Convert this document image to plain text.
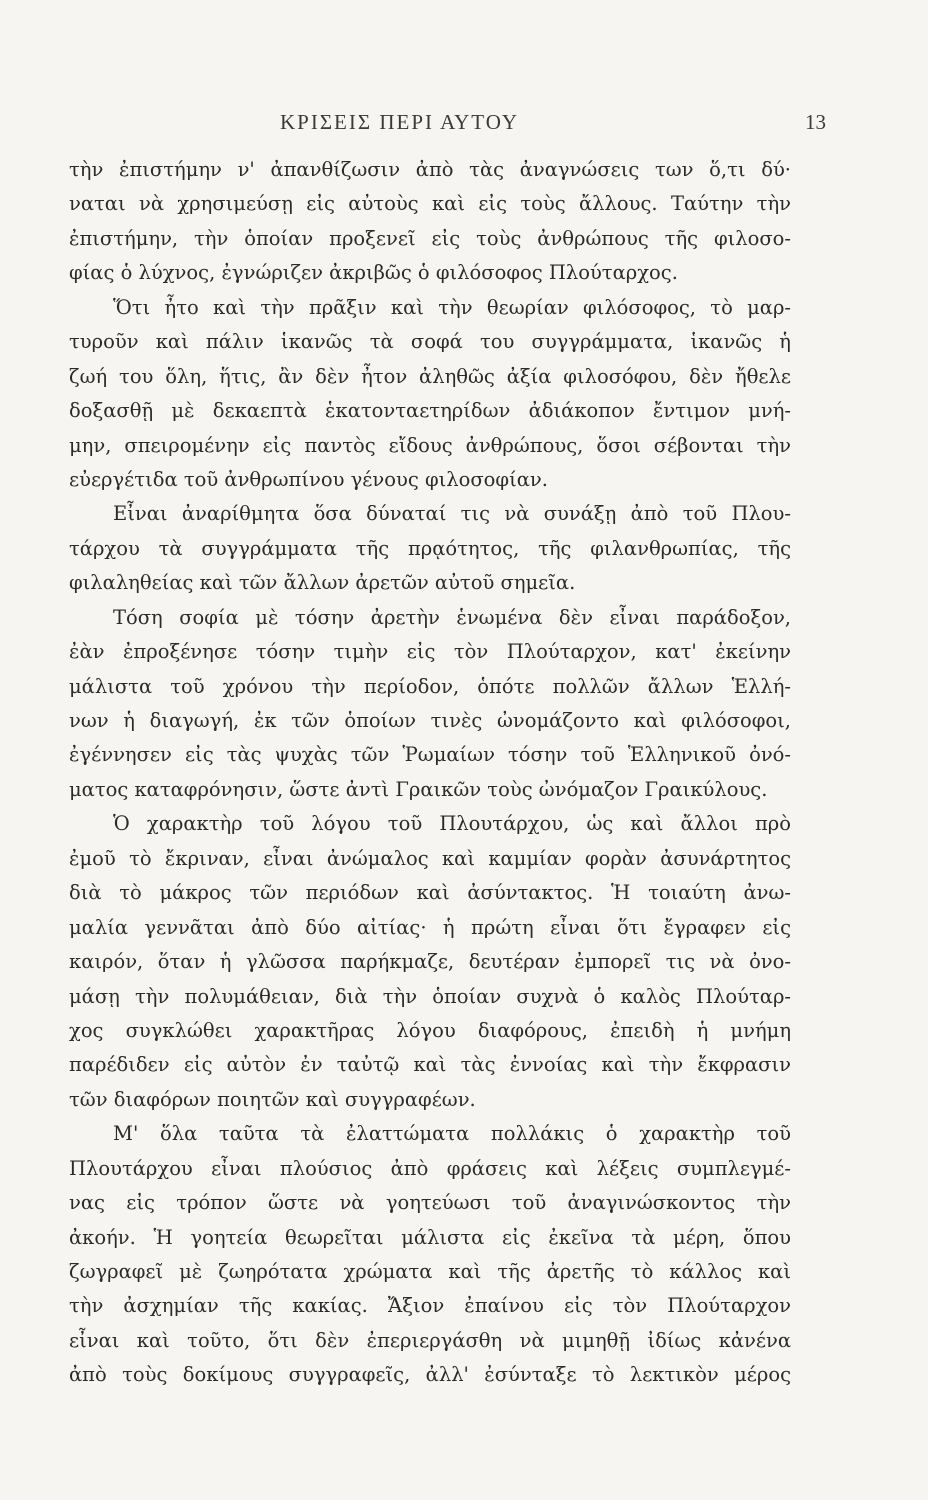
ΚΡΙΣΕΙΣ ΠΕΡΙ ΑΥΤΟΥ	13
τὴν ἐπιστήμην ν' ἀπανθίζωσιν ἀπὸ τὰς ἀναγνώσεις των ὅ,τι δύ·
ναται νὰ χρησιμεύσῃ εἰς αὐτοὺς καὶ εἰς τοὺς ἄλλους. Ταύτην τὴν
ἐπιστήμην, τὴν ὁποίαν προξενεῖ εἰς τοὺς ἀνθρώπους τῆς φιλοσο-
φίας ὁ λύχνος, ἐγνώριζεν ἀκριβῶς ὁ φιλόσοφος Πλούταρχος.
Ὅτι ἦτο καὶ τὴν πρᾶξιν καὶ τὴν θεωρίαν φιλόσοφος, τὸ μαρ-
τυροῦν καὶ πάλιν ἱκανῶς τὰ σοφά του συγγράμματα, ἱκανῶς ἡ
ζωή του ὅλη, ἥτις, ἂν δὲν ἦτον ἀληθῶς ἀξία φιλοσόφου, δὲν ἤθελε
δοξασθῇ μὲ δεκαεπτὰ ἑκατονταετηρίδων ἀδιάκοπον ἔντιμον μνή-
μην, σπειρομένην εἰς παντὸς εἴδους ἀνθρώπους, ὅσοι σέβονται τὴν
εὐεργέτιδα τοῦ ἀνθρωπίνου γένους φιλοσοφίαν.
Εἶναι ἀναρίθμητα ὅσα δύναταί τις νὰ συνάξῃ ἀπὸ τοῦ Πλου-
τάρχου τὰ συγγράμματα τῆς πρᾳότητος, τῆς φιλανθρωπίας, τῆς
φιλαληθείας καὶ τῶν ἄλλων ἀρετῶν αὐτοῦ σημεῖα.
Τόση σοφία μὲ τόσην ἀρετὴν ἑνωμένα δὲν εἶναι παράδοξον,
ἐὰν ἐπροξένησε τόσην τιμὴν εἰς τὸν Πλούταρχον, κατ' ἐκείνην
μάλιστα τοῦ χρόνου τὴν περίοδον, ὁπότε πολλῶν ἄλλων Ἑλλή-
νων ἡ διαγωγή, ἐκ τῶν ὁποίων τινὲς ὠνομάζοντο καὶ φιλόσοφοι,
ἐγέννησεν εἰς τὰς ψυχὰς τῶν Ῥωμαίων τόσην τοῦ Ἑλληνικοῦ ὀνό-
ματος καταφρόνησιν, ὥστε ἀντὶ Γραικῶν τοὺς ὠνόμαζον Γραικύλους.
Ὁ χαρακτὴρ τοῦ λόγου τοῦ Πλουτάρχου, ὡς καὶ ἄλλοι πρὸ
ἐμοῦ τὸ ἔκριναν, εἶναι ἀνώμαλος καὶ καμμίαν φορὰν ἀσυνάρτητος
διὰ τὸ μάκρος τῶν περιόδων καὶ ἀσύντακτος. Ἡ τοιαύτη ἀνω-
μαλία γεννᾶται ἀπὸ δύο αἰτίας· ἡ πρώτη εἶναι ὅτι ἔγραφεν εἰς
καιρόν, ὅταν ἡ γλῶσσα παρήκμαζε, δευτέραν ἐμπορεῖ τις νὰ ὀνο-
μάσῃ τὴν πολυμάθειαν, διὰ τὴν ὁποίαν συχνὰ ὁ καλὸς Πλούταρ-
χος συγκλώθει χαρακτῆρας λόγου διαφόρους, ἐπειδὴ ἡ μνήμη
παρέδιδεν εἰς αὐτὸν ἐν ταὐτῷ καὶ τὰς ἐννοίας καὶ τὴν ἔκφρασιν
τῶν διαφόρων ποιητῶν καὶ συγγραφέων.
Μ' ὅλα ταῦτα τὰ ἐλαττώματα πολλάκις ὁ χαρακτὴρ τοῦ
Πλουτάρχου εἶναι πλούσιος ἀπὸ φράσεις καὶ λέξεις συμπλεγμέ-
νας εἰς τρόπον ὥστε νὰ γοητεύωσι τοῦ ἀναγινώσκοντος τὴν
ἀκοήν. Ἡ γοητεία θεωρεῖται μάλιστα εἰς ἐκεῖνα τὰ μέρη, ὅπου
ζωγραφεῖ μὲ ζωηρότατα χρώματα καὶ τῆς ἀρετῆς τὸ κάλλος καὶ
τὴν ἀσχημίαν τῆς κακίας. Ἄξιον ἐπαίνου εἰς τὸν Πλούταρχον
εἶναι καὶ τοῦτο, ὅτι δὲν ἐπεριεργάσθη νὰ μιμηθῇ ἰδίως κἀνένα
ἀπὸ τοὺς δοκίμους συγγραφεῖς, ἀλλ' ἐσύνταξε τὸ λεκτικὸν μέρος
